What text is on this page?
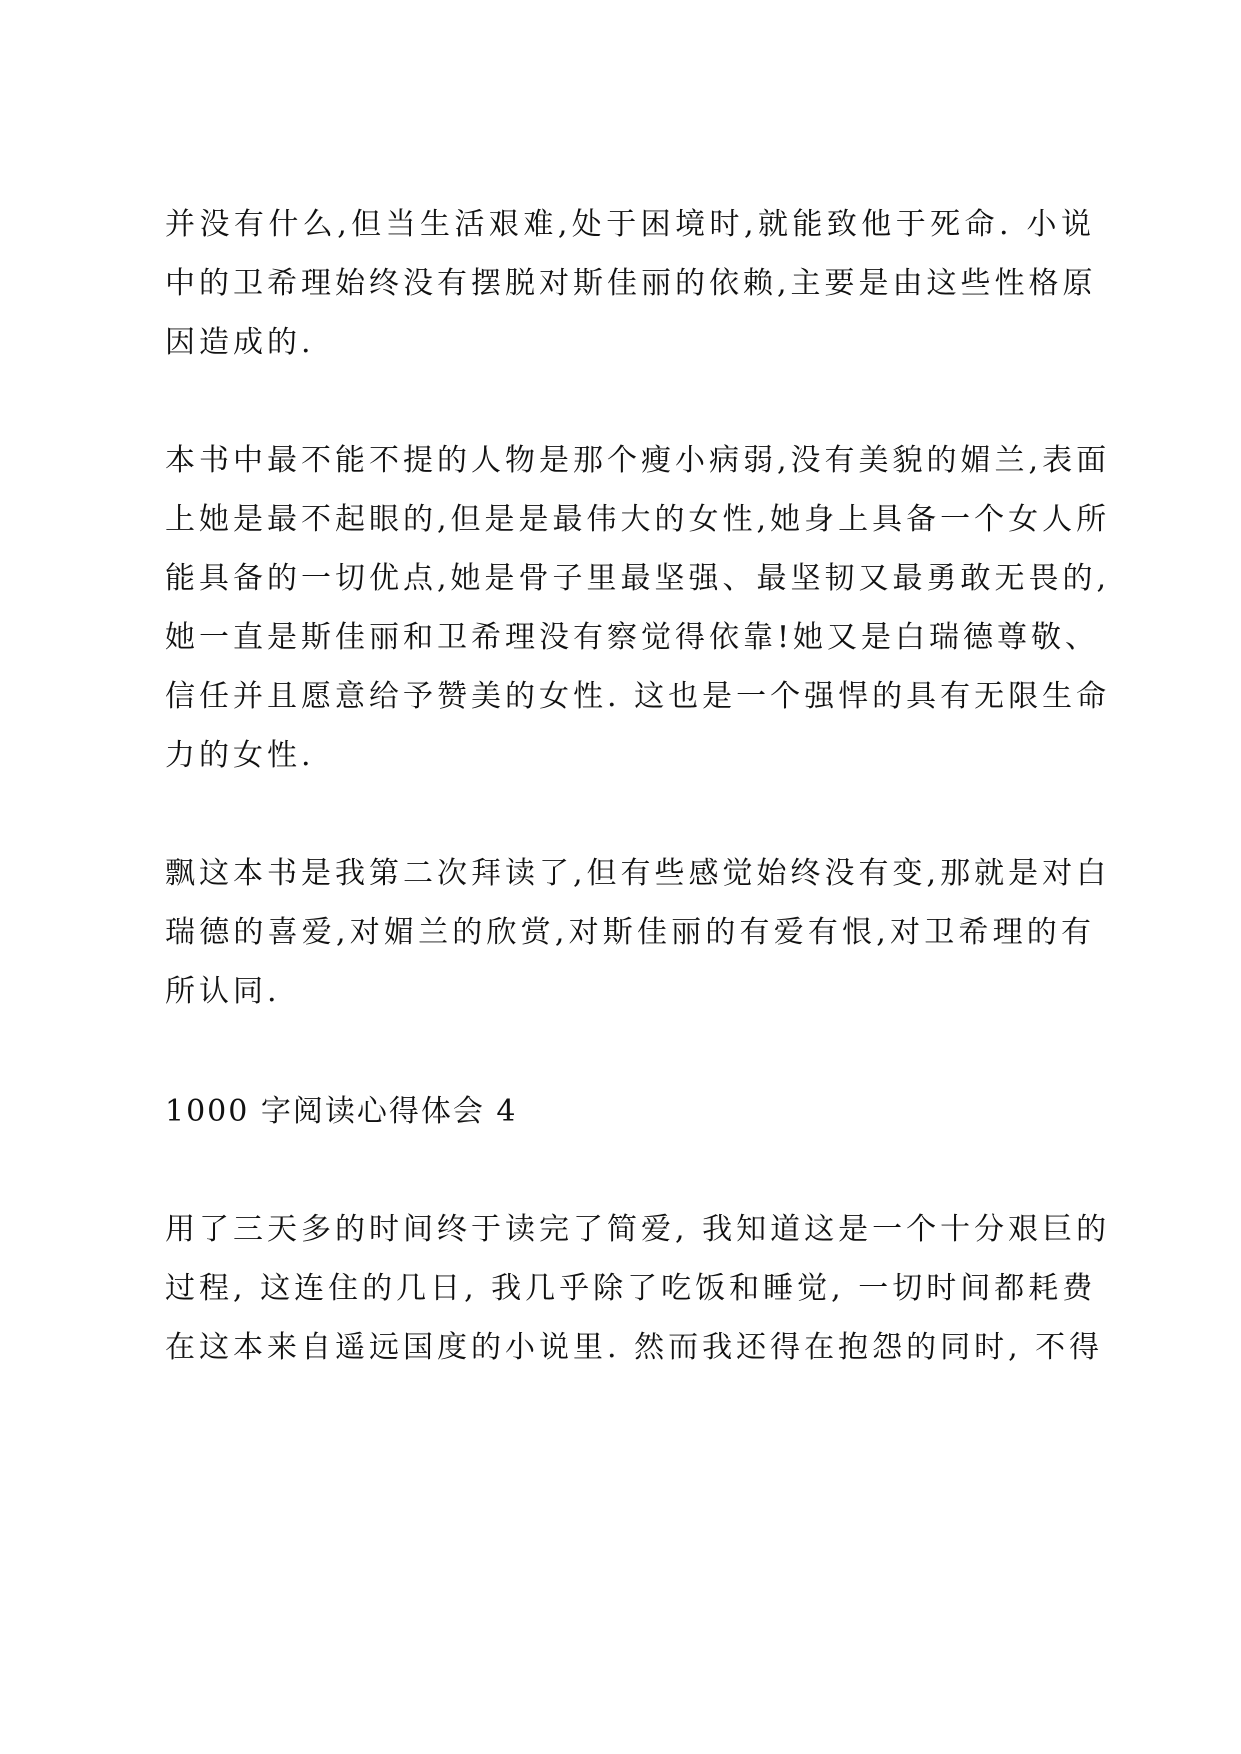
并没有什么,但当生活艰难,处于困境时,就能致他于死命. 小说
中的卫希理始终没有摆脱对斯佳丽的依赖,主要是由这些性格原
因造成的.
本书中最不能不提的人物是那个瘦小病弱,没有美貌的媚兰,表面
上她是最不起眼的,但是是最伟大的女性,她身上具备一个女人所
能具备的一切优点,她是骨子里最坚强、最坚韧又最勇敢无畏的,
她一直是斯佳丽和卫希理没有察觉得依靠!她又是白瑞德尊敬、
信任并且愿意给予赞美的女性. 这也是一个强悍的具有无限生命
力的女性.
飘这本书是我第二次拜读了,但有些感觉始终没有变,那就是对白
瑞德的喜爱,对媚兰的欣赏,对斯佳丽的有爱有恨,对卫希理的有
所认同.
1000 字阅读心得体会 4
用了三天多的时间终于读完了简爱, 我知道这是一个十分艰巨的
过程, 这连住的几日, 我几乎除了吃饭和睡觉, 一切时间都耗费
在这本来自遥远国度的小说里. 然而我还得在抱怨的同时, 不得
